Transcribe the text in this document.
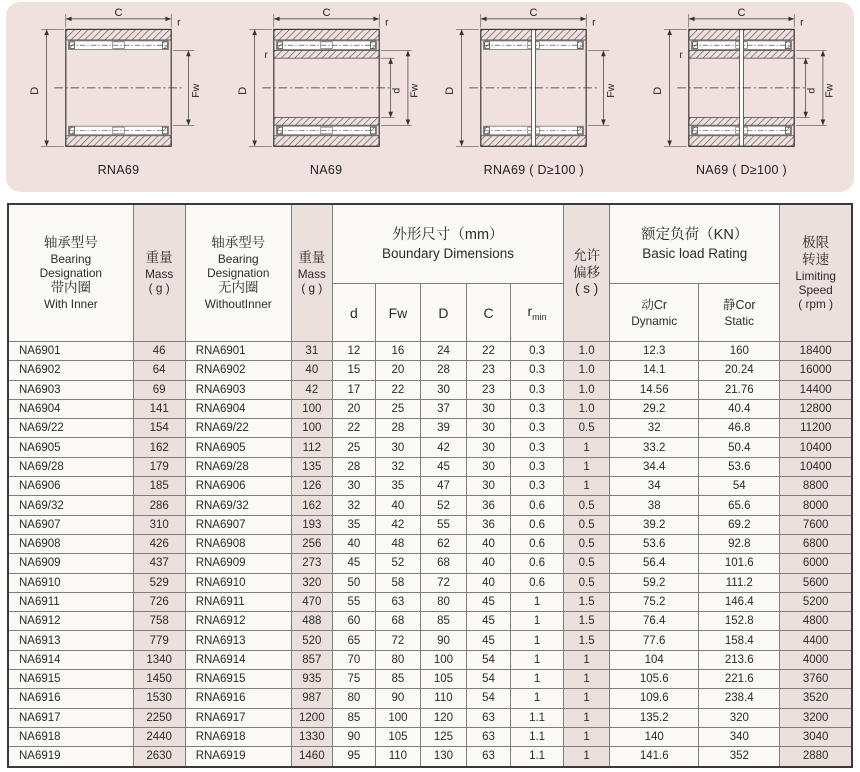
C
D
r
Fw
RNA69
C
D
r
d Fw
r
NA69
C
D
r
Fw
RNA69 ( D≥100 )
C
D
r
d Fw
r
NA69 ( D≥100 )
轴承型号
Bearing
Designation
带内圈
With Inner

重量
Mass
( g )

轴承型号
Bearing
Designation
无内圈
WithoutInner

重量
Mass
( g )

外形尺寸（mm）
Boundary Dimensions	允许
偏移
( s )

额定负荷（KN）
Basic load Rating

极限
转速
Limiting
Speed
( rpm )

d	Fw	D	C	$r_{min}$	
动Cr
Dynamic

静Cor
Static

NA6901	46	RNA6901	31	12	16	24	22	0.3	1.0	12.3	160	18400
NA6902	64	RNA6902	40	15	20	28	23	0.3	1.0	14.1	20.24	16000
NA6903	69	RNA6903	42	17	22	30	23	0.3	1.0	14.56	21.76	14400
NA6904	141	RNA6904	100	20	25	37	30	0.3	1.0	29.2	40.4	12800
NA69/22	154	RNA69/22	100	22	28	39	30	0.3	0.5	32	46.8	11200
NA6905	162	RNA6905	112	25	30	42	30	0.3	1	33.2	50.4	10400
NA69/28	179	RNA69/28	135	28	32	45	30	0.3	1	34.4	53.6	10400
NA6906	185	RNA6906	126	30	35	47	30	0.3	1	34	54	8800
NA69/32	286	RNA69/32	162	32	40	52	36	0.6	0.5	38	65.6	8000
NA6907	310	RNA6907	193	35	42	55	36	0.6	0.5	39.2	69.2	7600
NA6908	426	RNA6908	256	40	48	62	40	0.6	0.5	53.6	92.8	6800
NA6909	437	RNA6909	273	45	52	68	40	0.6	0.5	56.4	101.6	6000
NA6910	529	RNA6910	320	50	58	72	40	0.6	0.5	59.2	111.2	5600
NA6911	726	RNA6911	470	55	63	80	45	1	1.5	75.2	146.4	5200
NA6912	758	RNA6912	488	60	68	85	45	1	1.5	76.4	152.8	4800
NA6913	779	RNA6913	520	65	72	90	45	1	1.5	77.6	158.4	4400
NA6914	1340	RNA6914	857	70	80	100	54	1	1	104	213.6	4000
NA6915	1450	RNA6915	935	75	85	105	54	1	1	105.6	221.6	3760
NA6916	1530	RNA6916	987	80	90	110	54	1	1	109.6	238.4	3520
NA6917	2250	RNA6917	1200	85	100	120	63	1.1	1	135.2	320	3200
NA6918	2440	RNA6918	1330	90	105	125	63	1.1	1	140	340	3040
NA6919	2630	RNA6919	1460	95	110	130	63	1.1	1	141.6	352	2880
